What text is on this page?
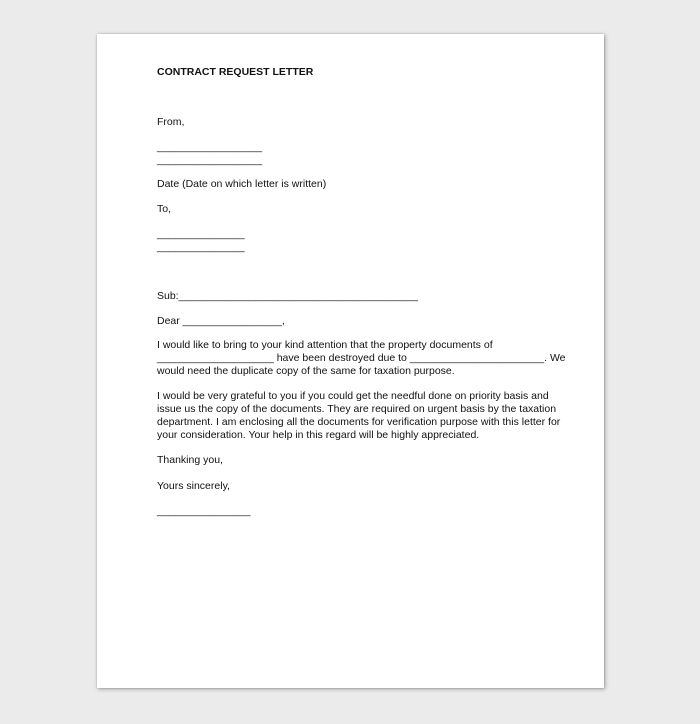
CONTRACT REQUEST LETTER
From,
__________________
__________________
Date (Date on which letter is written)
To,
_______________
_______________
Sub:_________________________________________
Dear _________________,
I would like to bring to your kind attention that the property documents of
____________________ have been destroyed due to _______________________. We
would need the duplicate copy of the same for taxation purpose.
I would be very grateful to you if you could get the needful done on priority basis and
issue us the copy of the documents. They are required on urgent basis by the taxation
department. I am enclosing all the documents for verification purpose with this letter for
your consideration. Your help in this regard will be highly appreciated.
Thanking you,
Yours sincerely,
________________
